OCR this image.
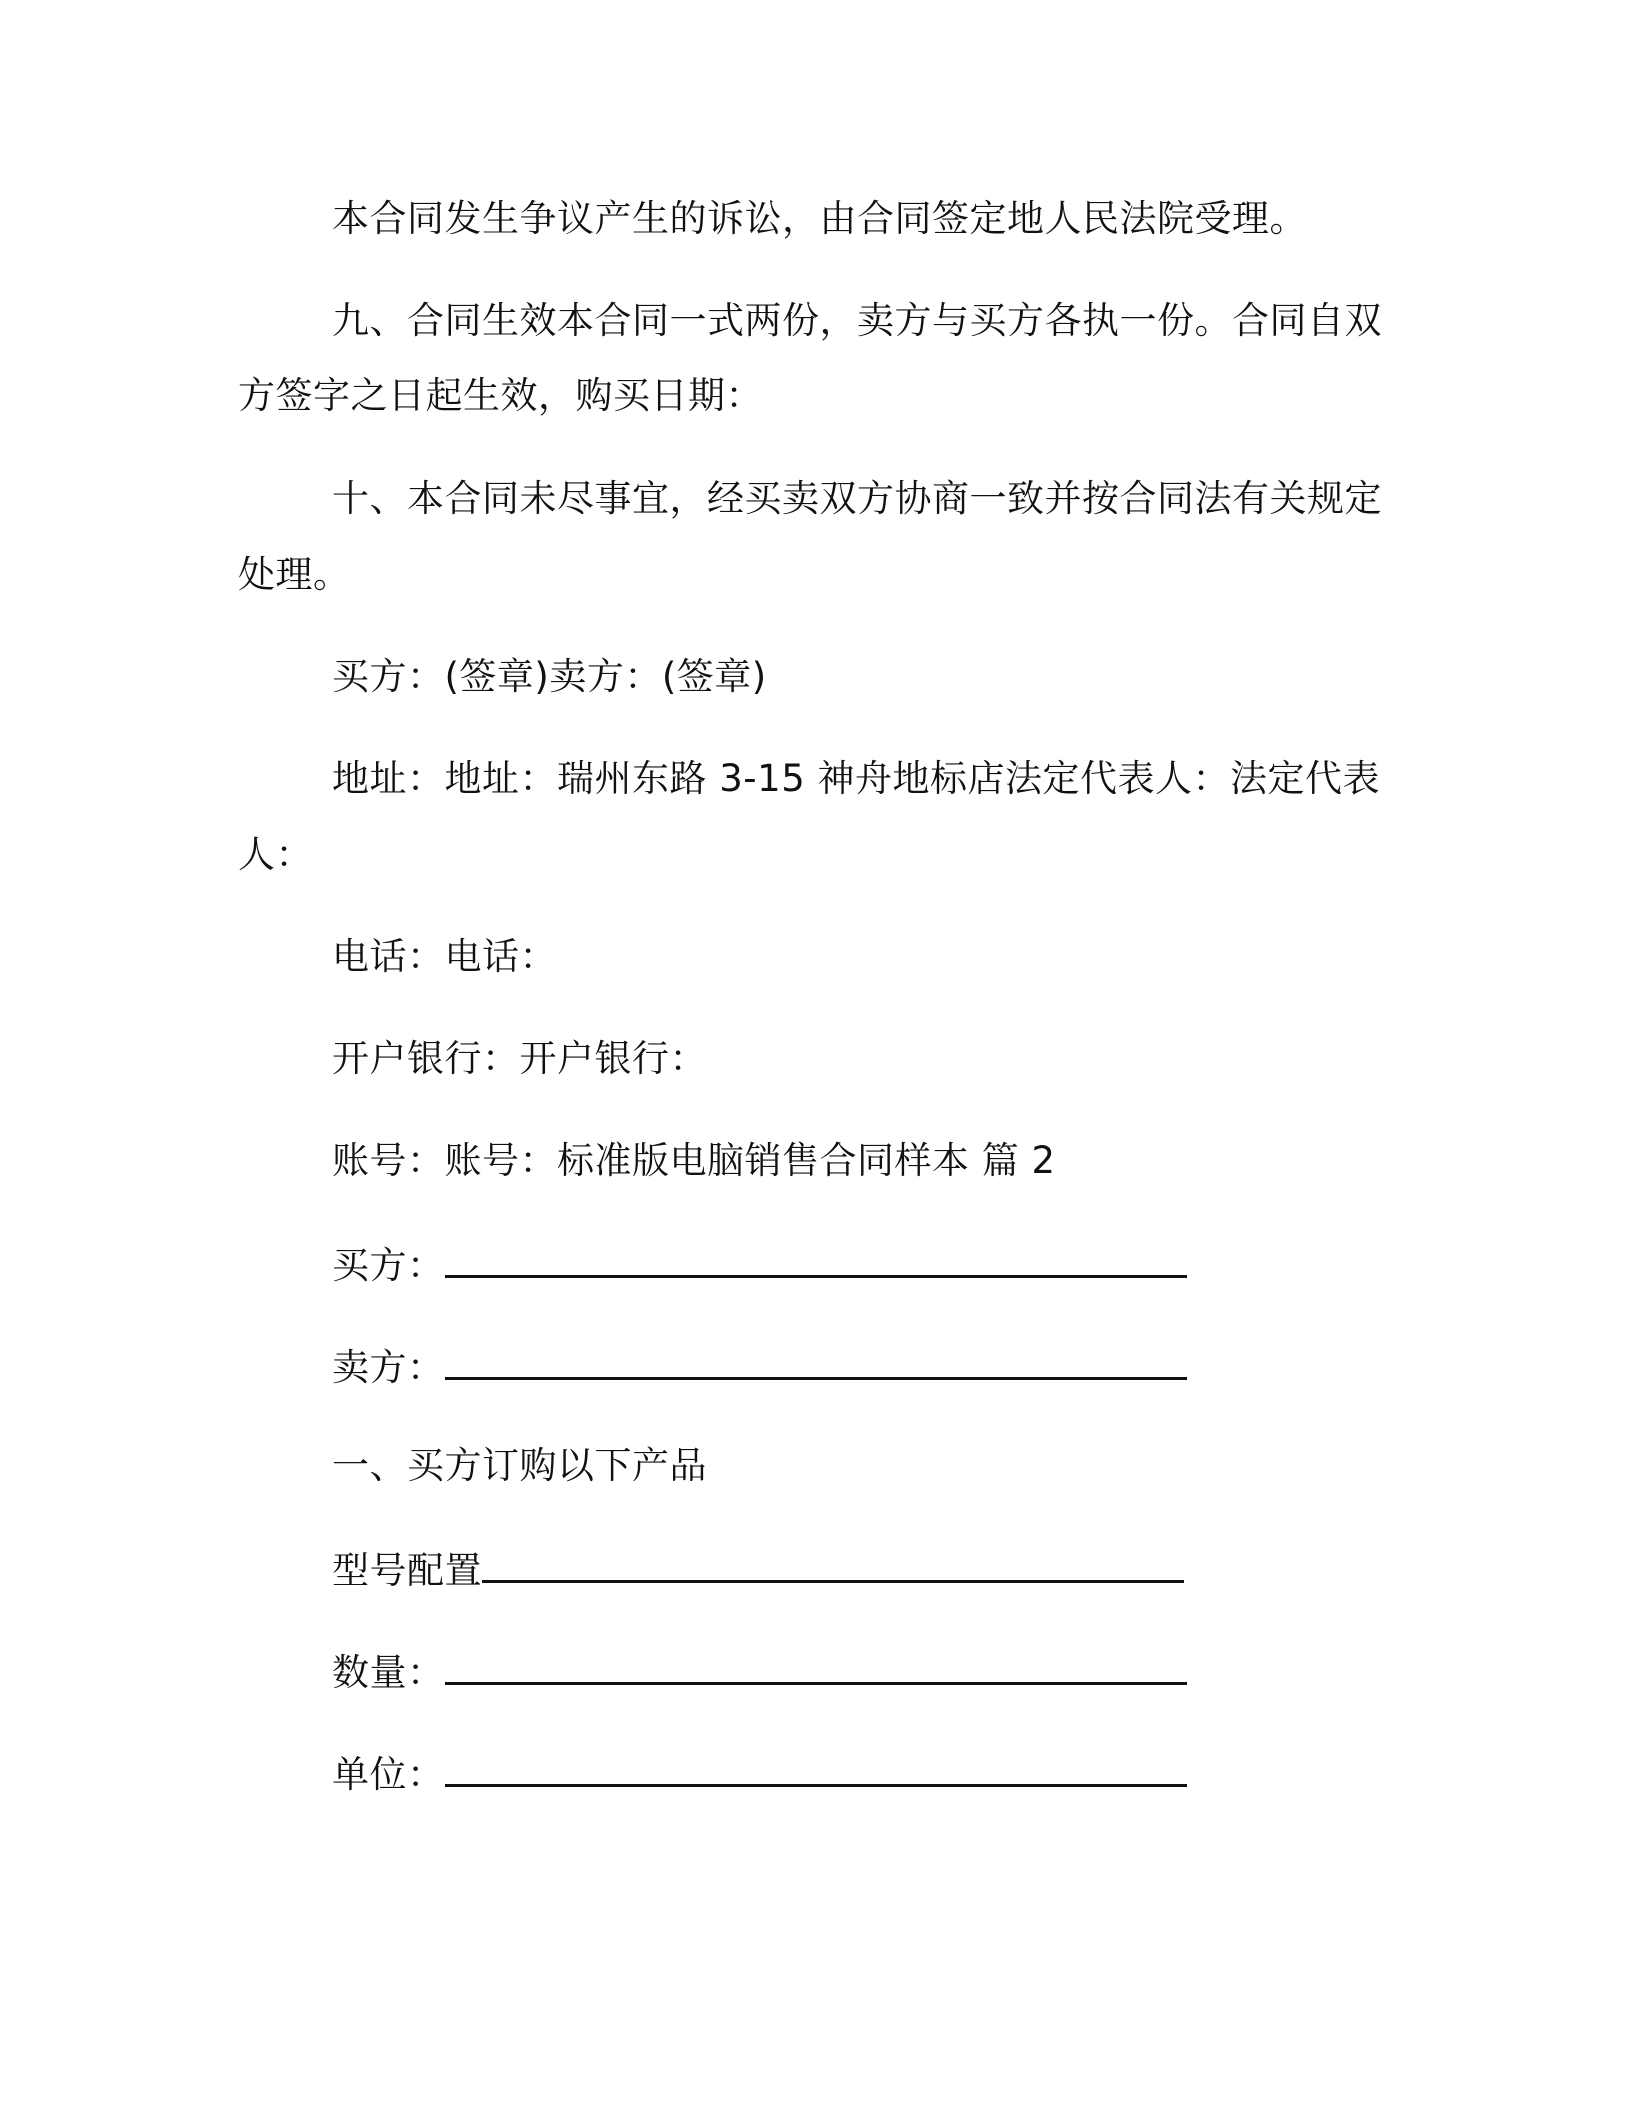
本合同发生争议产生的诉讼，由合同签定地人民法院受理。

九、合同生效本合同一式两份，卖方与买方各执一份。合同自双

方签字之日起生效，购买日期：

十、本合同未尽事宜，经买卖双方协商一致并按合同法有关规定

处理。

买方：(签章)卖方：(签章)

地址：地址：瑞州东路 3-15 神舟地标店法定代表人：法定代表

人：

电话：电话：

开户银行：开户银行：

账号：账号：标准版电脑销售合同样本 篇 2

买方：

卖方：

一、买方订购以下产品

型号配置

数量：

单位：
